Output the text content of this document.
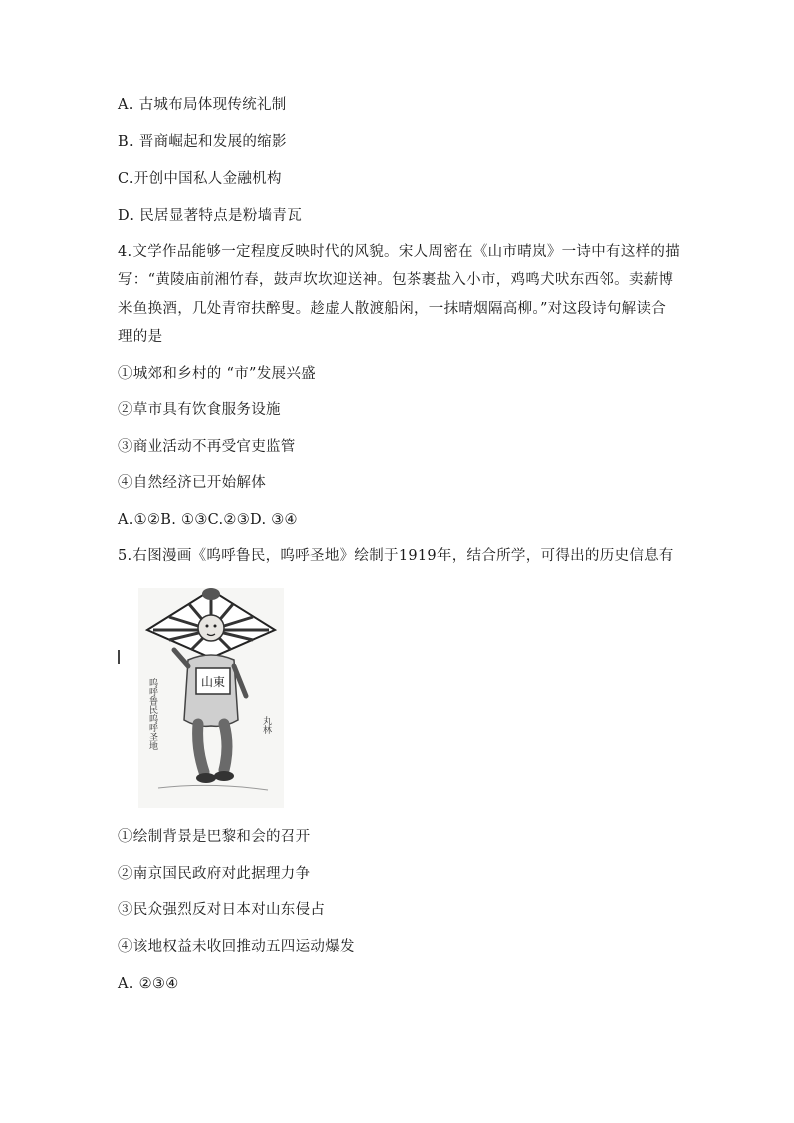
A. 古城布局体现传统礼制
B. 晋商崛起和发展的缩影
C.开创中国私人金融机构
D. 民居显著特点是粉墙青瓦
4.文学作品能够一定程度反映时代的风貌。宋人周密在《山市晴岚》一诗中有这样的描
写：“黄陵庙前湘竹春，鼓声坎坎迎送神。包茶裹盐入小市，鸡鸣犬吠东西邻。卖薪博
米鱼换酒，几处青帘扶醉叟。趁虚人散渡船闲，一抹晴烟隔高柳。”对这段诗句解读合
理的是
①城郊和乡村的 “市”发展兴盛
②草市具有饮食服务设施
③商业活动不再受官吏监管
④自然经济已开始解体
A.①②B. ①③C.②③D. ③④
5.右图漫画《呜呼鲁民，呜呼圣地》绘制于1919年，结合所学，可得出的历史信息有
山東
呜呼鲁民呜呼圣地	丸林
①绘制背景是巴黎和会的召开
②南京国民政府对此据理力争
③民众强烈反对日本对山东侵占
④该地权益未收回推动五四运动爆发
A. ②③④
